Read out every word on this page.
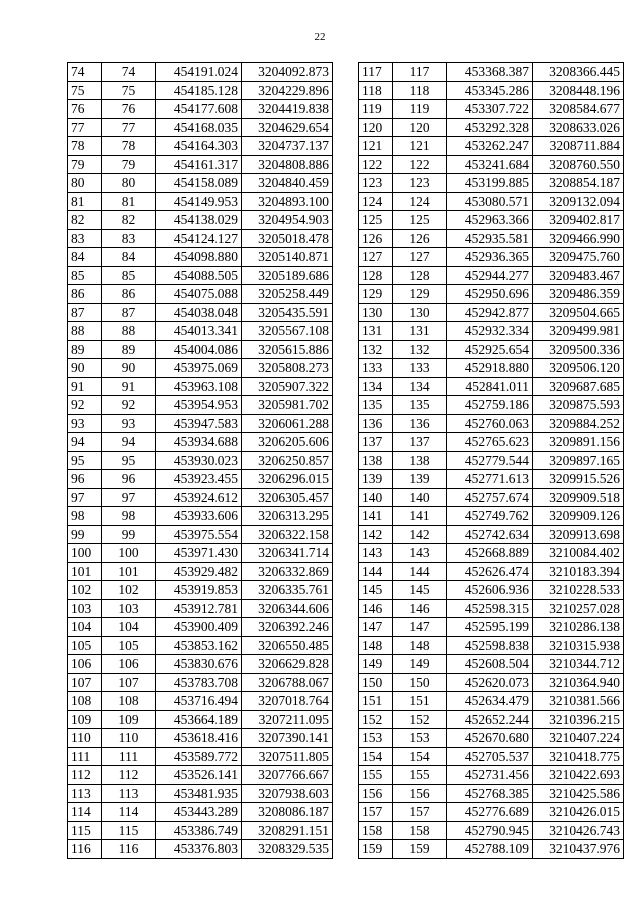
22
74	74	454191.024	3204092.873
75	75	454185.128	3204229.896
76	76	454177.608	3204419.838
77	77	454168.035	3204629.654
78	78	454164.303	3204737.137
79	79	454161.317	3204808.886
80	80	454158.089	3204840.459
81	81	454149.953	3204893.100
82	82	454138.029	3204954.903
83	83	454124.127	3205018.478
84	84	454098.880	3205140.871
85	85	454088.505	3205189.686
86	86	454075.088	3205258.449
87	87	454038.048	3205435.591
88	88	454013.341	3205567.108
89	89	454004.086	3205615.886
90	90	453975.069	3205808.273
91	91	453963.108	3205907.322
92	92	453954.953	3205981.702
93	93	453947.583	3206061.288
94	94	453934.688	3206205.606
95	95	453930.023	3206250.857
96	96	453923.455	3206296.015
97	97	453924.612	3206305.457
98	98	453933.606	3206313.295
99	99	453975.554	3206322.158
100	100	453971.430	3206341.714
101	101	453929.482	3206332.869
102	102	453919.853	3206335.761
103	103	453912.781	3206344.606
104	104	453900.409	3206392.246
105	105	453853.162	3206550.485
106	106	453830.676	3206629.828
107	107	453783.708	3206788.067
108	108	453716.494	3207018.764
109	109	453664.189	3207211.095
110	110	453618.416	3207390.141
111	111	453589.772	3207511.805
112	112	453526.141	3207766.667
113	113	453481.935	3207938.603
114	114	453443.289	3208086.187
115	115	453386.749	3208291.151
116	116	453376.803	3208329.535
117	117	453368.387	3208366.445
118	118	453345.286	3208448.196
119	119	453307.722	3208584.677
120	120	453292.328	3208633.026
121	121	453262.247	3208711.884
122	122	453241.684	3208760.550
123	123	453199.885	3208854.187
124	124	453080.571	3209132.094
125	125	452963.366	3209402.817
126	126	452935.581	3209466.990
127	127	452936.365	3209475.760
128	128	452944.277	3209483.467
129	129	452950.696	3209486.359
130	130	452942.877	3209504.665
131	131	452932.334	3209499.981
132	132	452925.654	3209500.336
133	133	452918.880	3209506.120
134	134	452841.011	3209687.685
135	135	452759.186	3209875.593
136	136	452760.063	3209884.252
137	137	452765.623	3209891.156
138	138	452779.544	3209897.165
139	139	452771.613	3209915.526
140	140	452757.674	3209909.518
141	141	452749.762	3209909.126
142	142	452742.634	3209913.698
143	143	452668.889	3210084.402
144	144	452626.474	3210183.394
145	145	452606.936	3210228.533
146	146	452598.315	3210257.028
147	147	452595.199	3210286.138
148	148	452598.838	3210315.938
149	149	452608.504	3210344.712
150	150	452620.073	3210364.940
151	151	452634.479	3210381.566
152	152	452652.244	3210396.215
153	153	452670.680	3210407.224
154	154	452705.537	3210418.775
155	155	452731.456	3210422.693
156	156	452768.385	3210425.586
157	157	452776.689	3210426.015
158	158	452790.945	3210426.743
159	159	452788.109	3210437.976
